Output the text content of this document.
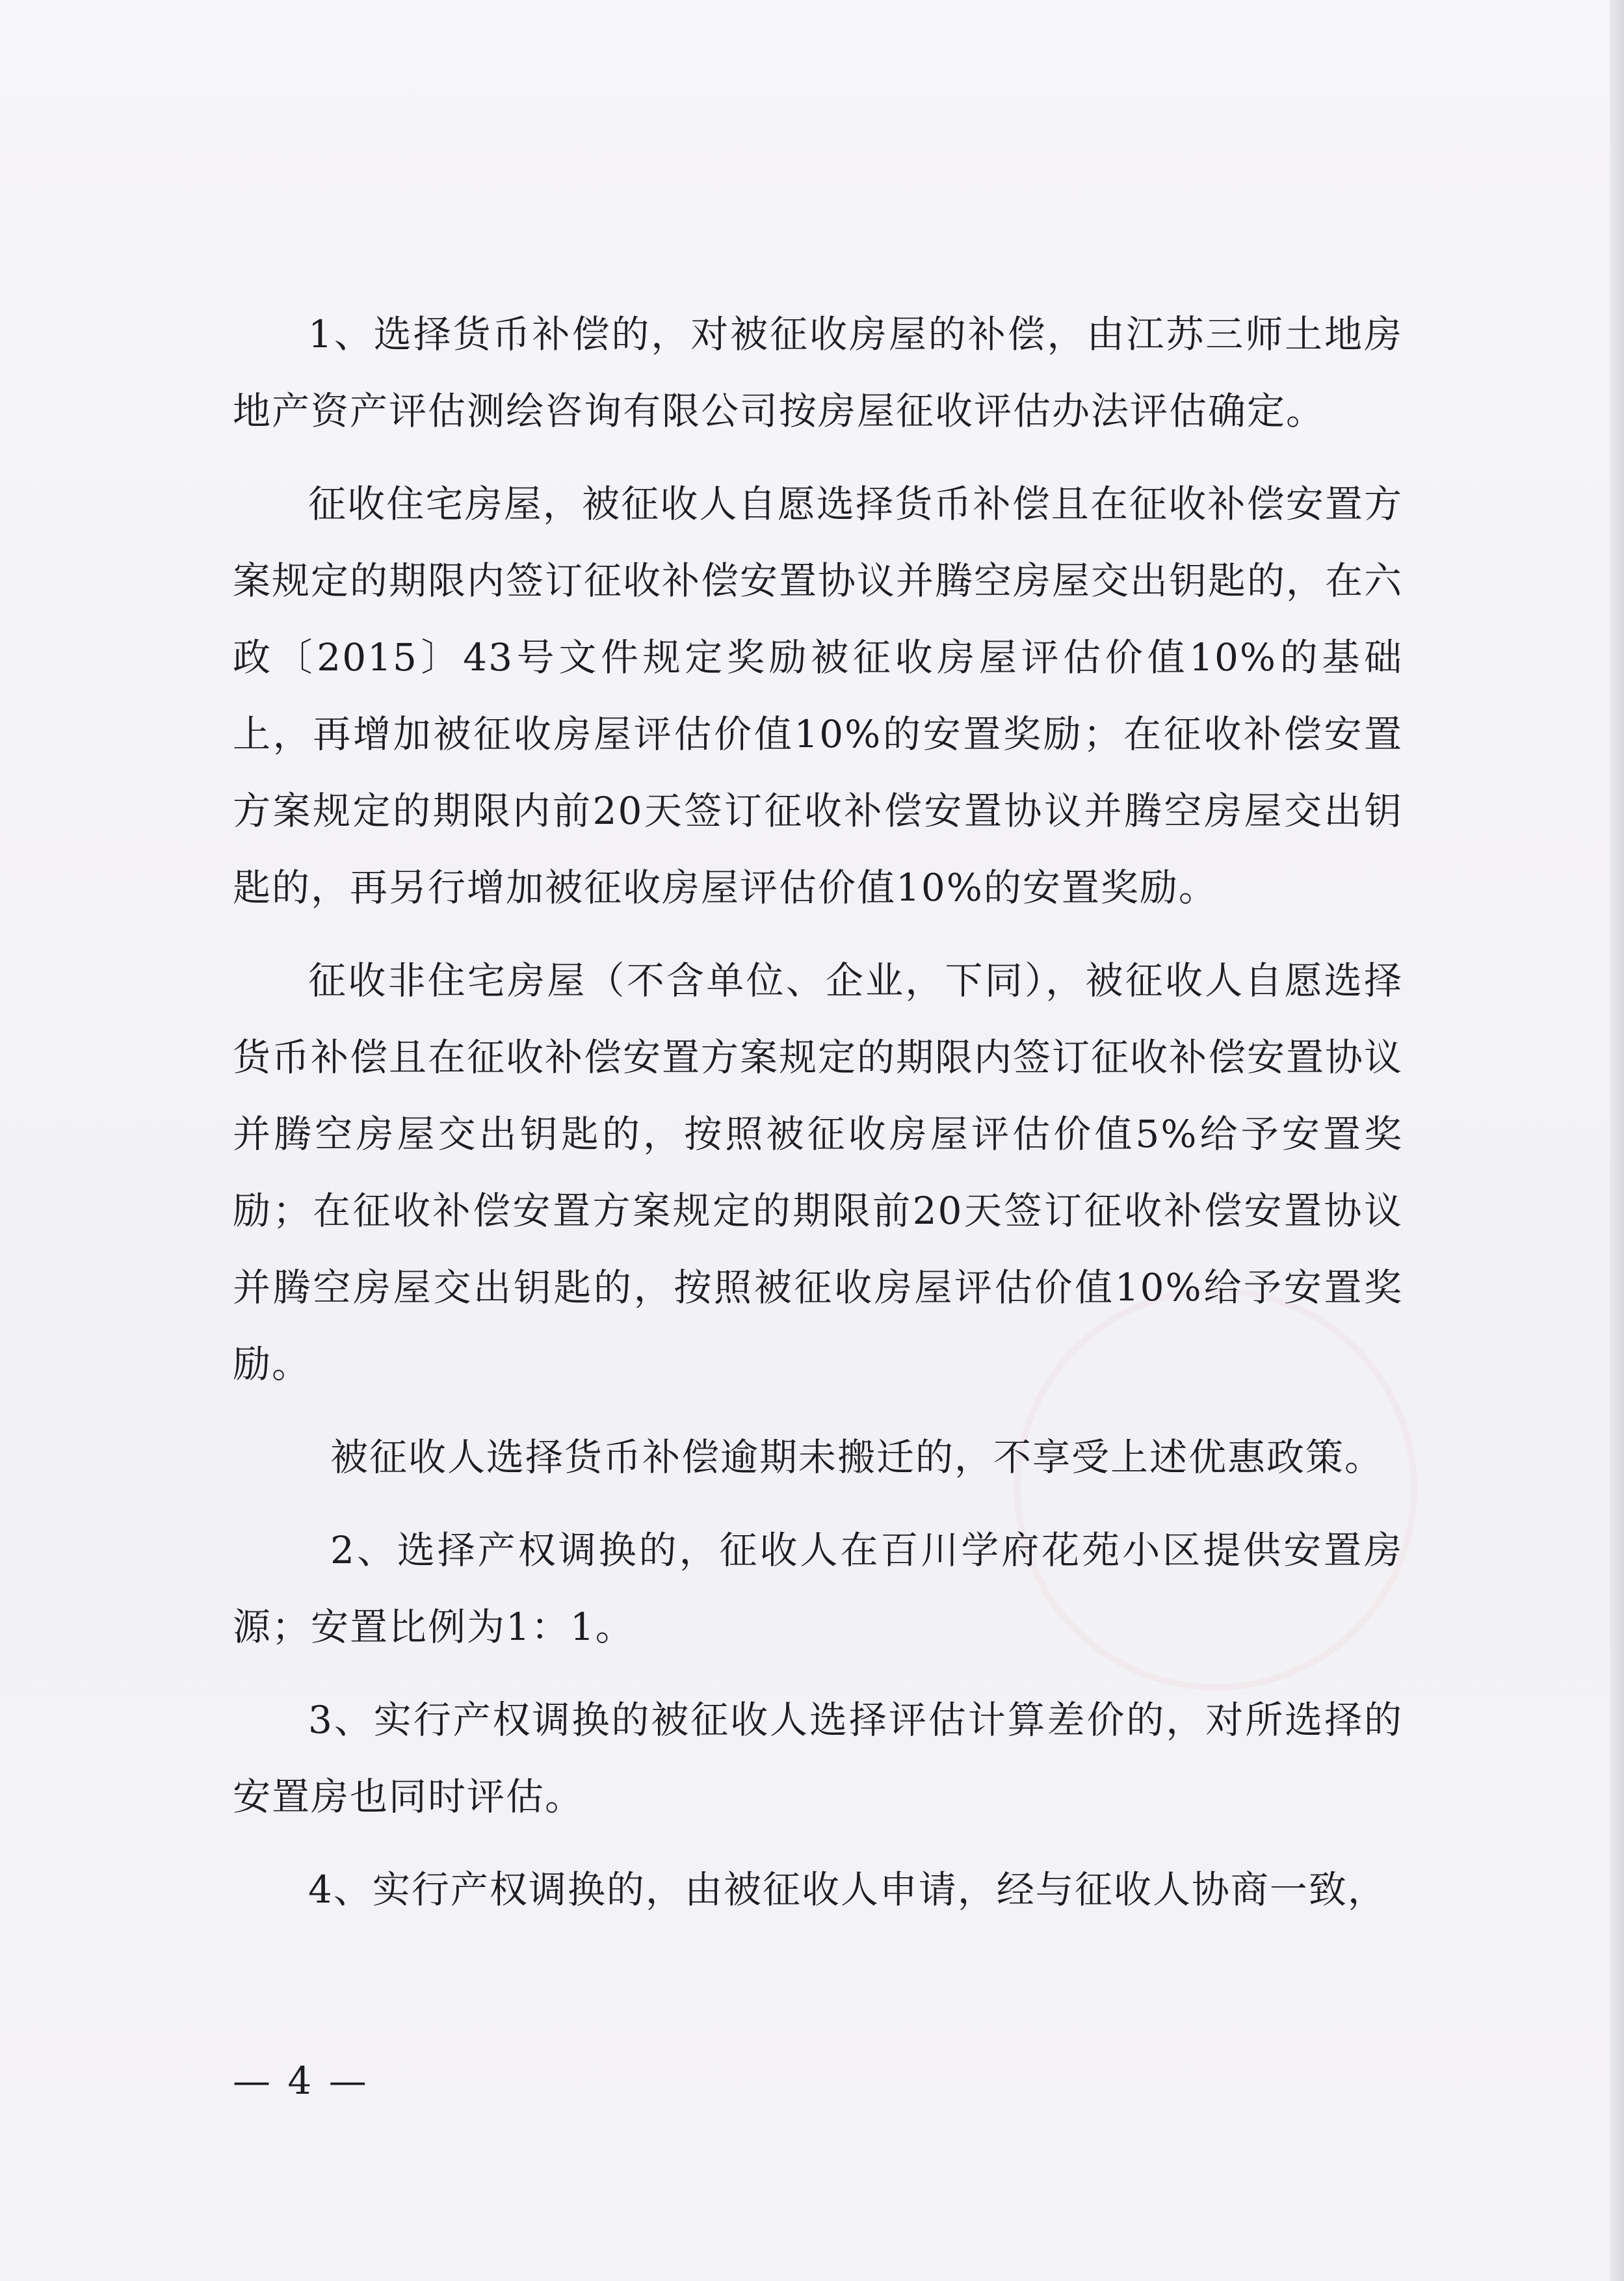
1、选择货币补偿的，对被征收房屋的补偿，由江苏三师土地房地产资产评估测绘咨询有限公司按房屋征收评估办法评估确定。

征收住宅房屋，被征收人自愿选择货币补偿且在征收补偿安置方案规定的期限内签订征收补偿安置协议并腾空房屋交出钥匙的，在六政〔2015〕43号文件规定奖励被征收房屋评估价值10%的基础上，再增加被征收房屋评估价值10%的安置奖励；在征收补偿安置方案规定的期限内前20天签订征收补偿安置协议并腾空房屋交出钥匙的，再另行增加被征收房屋评估价值10%的安置奖励。

征收非住宅房屋（不含单位、企业，下同），被征收人自愿选择货币补偿且在征收补偿安置方案规定的期限内签订征收补偿安置协议并腾空房屋交出钥匙的，按照被征收房屋评估价值5%给予安置奖励；在征收补偿安置方案规定的期限前20天签订征收补偿安置协议并腾空房屋交出钥匙的，按照被征收房屋评估价值10%给予安置奖励。

被征收人选择货币补偿逾期未搬迁的，不享受上述优惠政策。

2、选择产权调换的，征收人在百川学府花苑小区提供安置房源；安置比例为1：1。

3、实行产权调换的被征收人选择评估计算差价的，对所选择的安置房也同时评估。

4、实行产权调换的，由被征收人申请，经与征收人协商一致，

— 4 —
